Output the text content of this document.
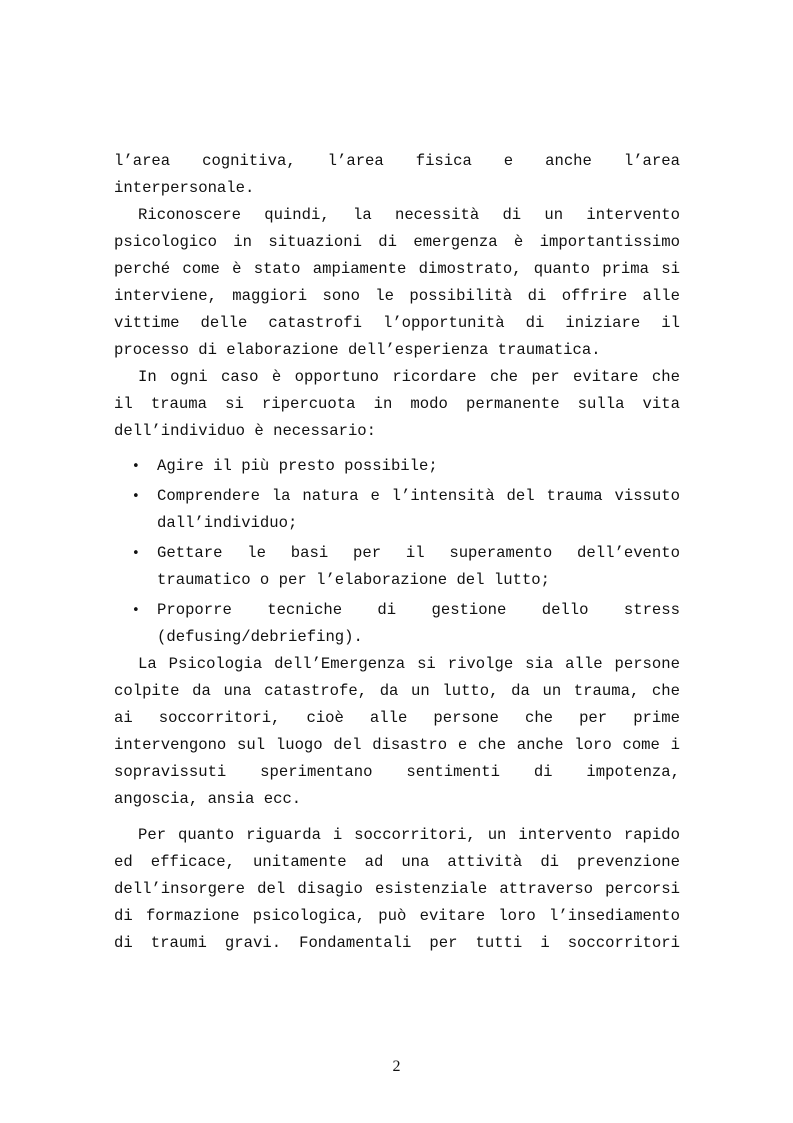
l’area cognitiva, l’area fisica e anche l’area
interpersonale.
Riconoscere quindi, la necessità di un intervento
psicologico in situazioni di emergenza è importantissimo
perché come è stato ampiamente dimostrato, quanto prima si
interviene, maggiori sono le possibilità di offrire alle
vittime delle catastrofi l’opportunità di iniziare il
processo di elaborazione dell’esperienza traumatica.
In ogni caso è opportuno ricordare che per evitare che
il trauma si ripercuota in modo permanente sulla vita
dell’individuo è necessario:
•	Agire il più presto possibile;
•	Comprendere la natura e l’intensità del trauma vissuto
dall’individuo;
•	Gettare le basi per il superamento dell’evento
traumatico o per l’elaborazione del lutto;
•	Proporre tecniche di gestione dello stress
(defusing/debriefing).
La Psicologia dell’Emergenza si rivolge sia alle persone
colpite da una catastrofe, da un lutto, da un trauma, che
ai soccorritori, cioè alle persone che per prime
intervengono sul luogo del disastro e che anche loro come i
sopravissuti sperimentano sentimenti di impotenza,
angoscia, ansia ecc.
Per quanto riguarda i soccorritori, un intervento rapido
ed efficace, unitamente ad una attività di prevenzione
dell’insorgere del disagio esistenziale attraverso percorsi
di formazione psicologica, può evitare loro l’insediamento
di traumi gravi. Fondamentali per tutti i soccorritori
2
